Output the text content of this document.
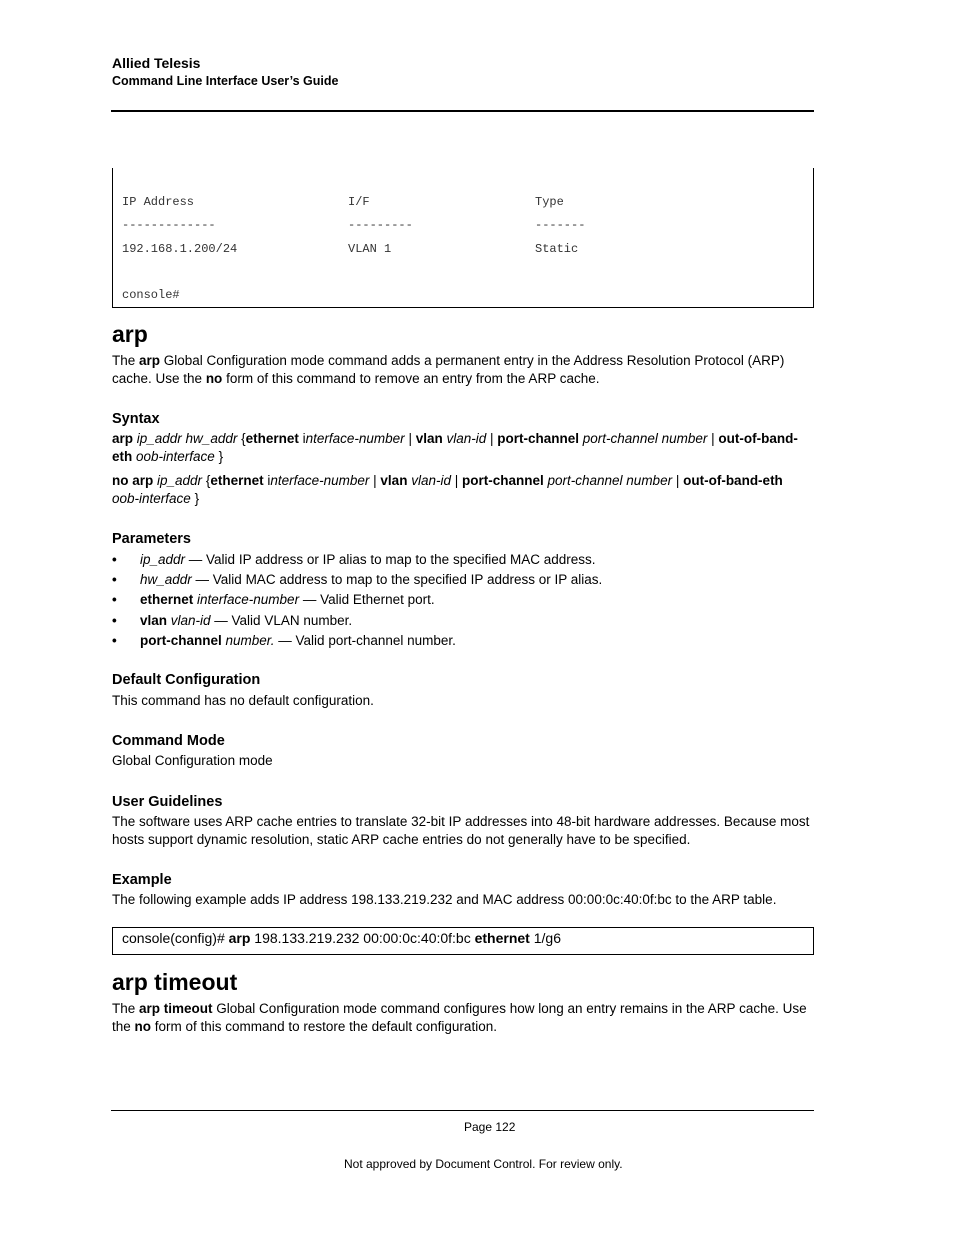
Allied Telesis
Command Line Interface User’s Guide
IP Address	I/F	Type
-------------	---------	-------
192.168.1.200/24	VLAN 1	Static
console#
arp

The arp Global Configuration mode command adds a permanent entry in the Address Resolution Protocol (ARP) cache. Use the no form of this command to remove an entry from the ARP cache.

Syntax

arp ip_addr hw_addr {ethernet interface-number | vlan vlan-id | port-channel port-channel number | out-of-band-eth oob-interface }

no arp ip_addr {ethernet interface-number | vlan vlan-id | port-channel port-channel number | out-of-band-eth
oob-interface }

Parameters
• ip_addr — Valid IP address or IP alias to map to the specified MAC address.
• hw_addr — Valid MAC address to map to the specified IP address or IP alias.
• ethernet interface-number — Valid Ethernet port.
• vlan vlan-id — Valid VLAN number.
• port-channel number. — Valid port-channel number.
Default Configuration

This command has no default configuration.

Command Mode

Global Configuration mode

User Guidelines

The software uses ARP cache entries to translate 32-bit IP addresses into 48-bit hardware addresses. Because most hosts support dynamic resolution, static ARP cache entries do not generally have to be specified.

Example

The following example adds IP address 198.133.219.232 and MAC address 00:00:0c:40:0f:bc to the ARP table.

console(config)# arp 198.133.219.232 00:00:0c:40:0f:bc ethernet 1/g6
arp timeout

The arp timeout Global Configuration mode command configures how long an entry remains in the ARP cache. Use the no form of this command to restore the default configuration.

Page 122
Not approved by Document Control. For review only.
